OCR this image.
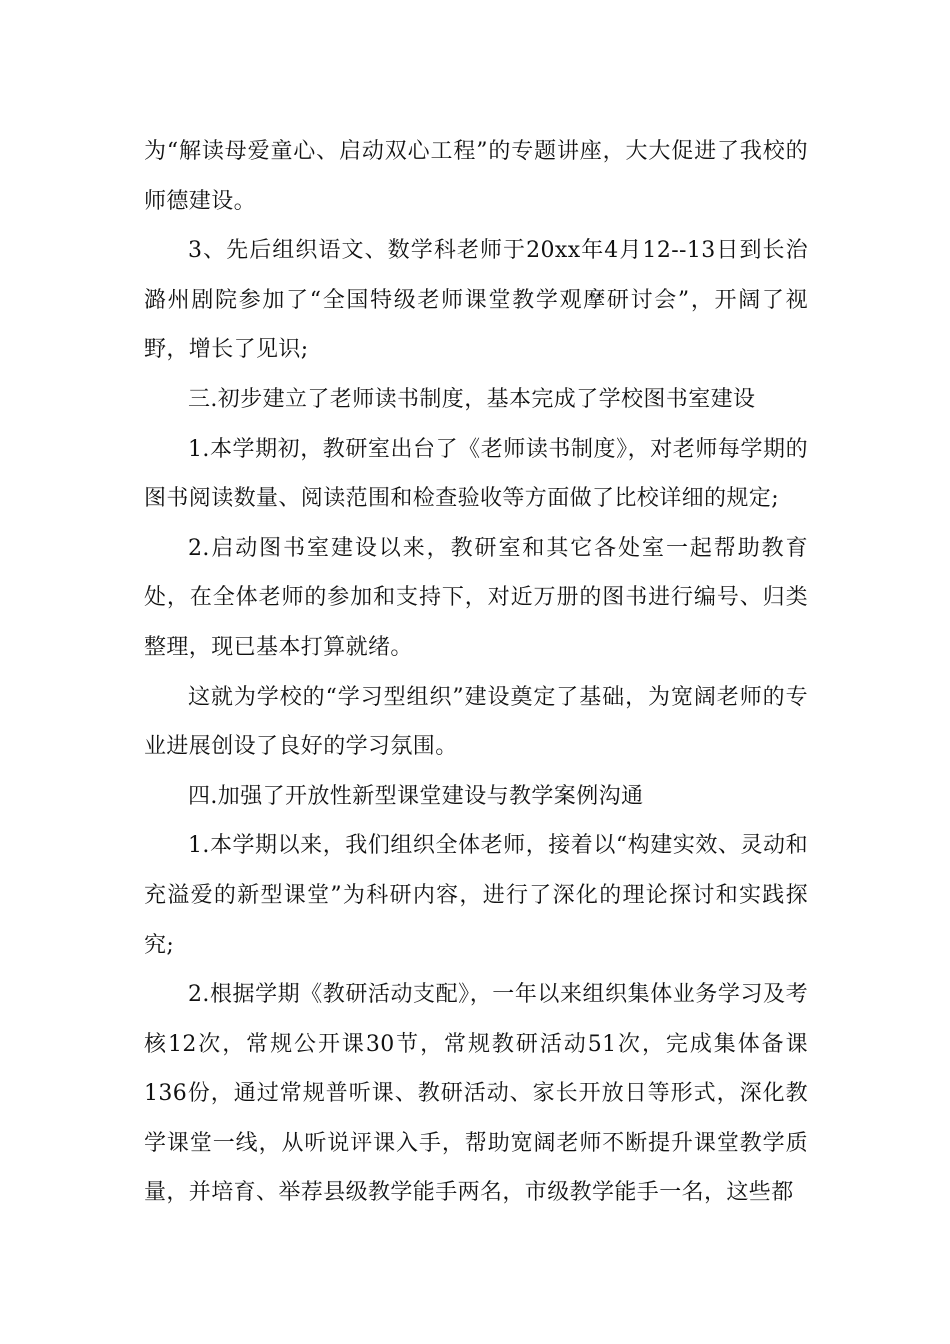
为“解读母爱童心、启动双心工程”的专题讲座，大大促进了我校的师德建设。

3、先后组织语文、数学科老师于20xx年4月12--13日到长治潞州剧院参加了“全国特级老师课堂教学观摩研讨会”，开阔了视野，增长了见识;

三.初步建立了老师读书制度，基本完成了学校图书室建设

1.本学期初，教研室出台了《老师读书制度》，对老师每学期的图书阅读数量、阅读范围和检查验收等方面做了比校详细的规定;

2.启动图书室建设以来，教研室和其它各处室一起帮助教育处，在全体老师的参加和支持下，对近万册的图书进行编号、归类整理，现已基本打算就绪。

这就为学校的“学习型组织”建设奠定了基础，为宽阔老师的专业进展创设了良好的学习氛围。

四.加强了开放性新型课堂建设与教学案例沟通

1.本学期以来，我们组织全体老师，接着以“构建实效、灵动和充溢爱的新型课堂”为科研内容，进行了深化的理论探讨和实践探究;

2.根据学期《教研活动支配》，一年以来组织集体业务学习及考核12次，常规公开课30节，常规教研活动51次，完成集体备课136份，通过常规普听课、教研活动、家长开放日等形式，深化教学课堂一线，从听说评课入手，帮助宽阔老师不断提升课堂教学质量，并培育、举荐县级教学能手两名，市级教学能手一名，这些都
